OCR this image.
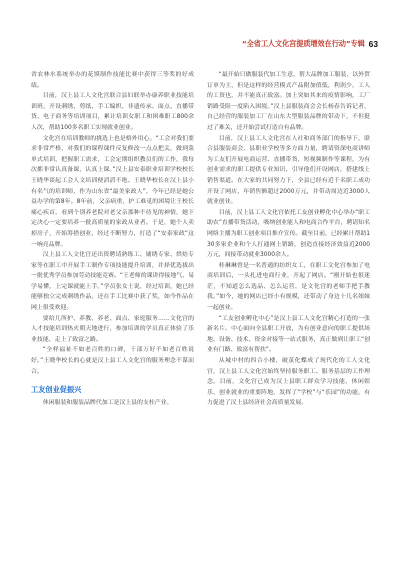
“全省工人文化宫提质增效在行动”专辑 63

省农林水系统举办的花馍制作技能比赛中获得三等奖的好成绩。

目前，汉上县工人文化宫联合县妇联举办康养职业技能培训班，开设刺绣、剪纸、手工编织、非遗传承、面点、直播带货、电子商务等培训项目，累计培训女职工和困难职工800余人次，帮助100多名职工实现就业创业。

文化宫在培训教师的挑选上也是格外用心。“工会对我们要求非常严格，对我们的课程课件反复修改一点点把关，做到菜单式培训，把握职工需求，工会定期组织教员们的工作，我每次都非常认真备课，认真上课。”汉上县安泰职业培训学校校长王晓华谈起工会人文培训便滔滔不绝。王晓华校长在汉上县小有名气的培训师，作为山东省“最美家政人”，今年已经是她公益办学的第8年。8年前，父亲病重，护工难觅的困境让王校长痛心疾首，看到个别养老院对老父亲那种不待见的神情，她下定决心一定要培养一批高质量的家政从业者。于是，她个人卖掉房子，开始筹措创业，经过不断努力，打造了“安泰家政”这一响亮品牌。

汉上县工人文化宫还出资聘请熟练工、铺绣专家、烘焙专家等在职工中开展手工制作专项技能提升培训，并择优选拔出一批优秀学员参加劳动技能竞赛。“王老师的课讲得接地气、易学易懂，上完课就能上手。”学员张女士说，经过培训，她已经能够独立完成刺绣作品，还在手工比赛中获了奖，如今作品在网上很受欢迎。

要给几所护、养教、养老、面点、家庭服务……文化宫的人才技能培训热火朝天地进行，参加培训的学员真正体验了乐业技能、走上了致富之路。

“全样福祉不如老百姓的口碑，干部万好不如老百姓说好。”王晓华校长的心就是汉上县工人文化宫的服务理念不谋而合。

工友创业促振兴

休闲服装和服装品牌代加工是汉上县的支柱产业。

“最开始只做服装代加工生意，帮大品牌加工服装，以外贸订单为主，但是这样的经营模式产品附加值低，利润少，工人的工资也，并不能真正致富。加上突如其来的疫情影响，工厂销路受阻一度陷入困境。”汉上县服装商会会长杨春告诉记者，自己经营的服装加工厂在山东大型服装品牌的带动下，不但挺过了难关，还开始尝试打造自有品牌。

目前，汉上县工人文化宫在人社和商务部门的指导下，联合县服装商会、县职业学校等多方面力量，聘请资深电商讲师为工友们开展电商运营、直播带货、短视频制作等课程，为有创业需求的职工提供专业知识、引导他们开设网店，搭建线上销售渠道。在大家的共同努力下，全县已经有近千名职工成功开设了网店，年销售额超过2000万元，并带动周边近3000人就业创业。

目前，汉上县工人文化宫依托工友创业孵化中心举办“职工助农”直播带货活动，吸纳创业能人和电商合作平台，聘请知名网络主播为职工创业项目推介宣传。截至目前，已经累计帮助130多家企业和个人打通网上销路，创造直接经济效益近2000万元，间接带动就业3000余人。

桂琳琳曾是一名普通的纺织女工，在职工文化宫参加了电商培训后，一头扎进电商行业，开起了网店。“刚开始也很迷茫，不知道怎么选品、怎么运营，是文化宫的老师手把手教我。”如今，她的网店已经小有规模，还带动了身边十几名姐妹一起创业。

“工友创业孵化中心”是汉上县工人文化宫精心打造的一张新名片。中心面向全县职工开放，为有创业意向的职工提供场地、设备、技术、资金对接等一站式服务，真正做到让职工“创业有门路、致富有帮扶”。

从城中村的四合小楼，破茧化蝶成了现代化的工人文化宫，汉上县工人文化宫始终坚持服务职工、服务基层的工作理念。目前，文化宫已成为汉上县职工群众学习技能、休闲娱乐、创业就业的重要阵地，发挥了“学校”与“乐园”的功能，有力促进了汉上县经济社会高质量发展。
